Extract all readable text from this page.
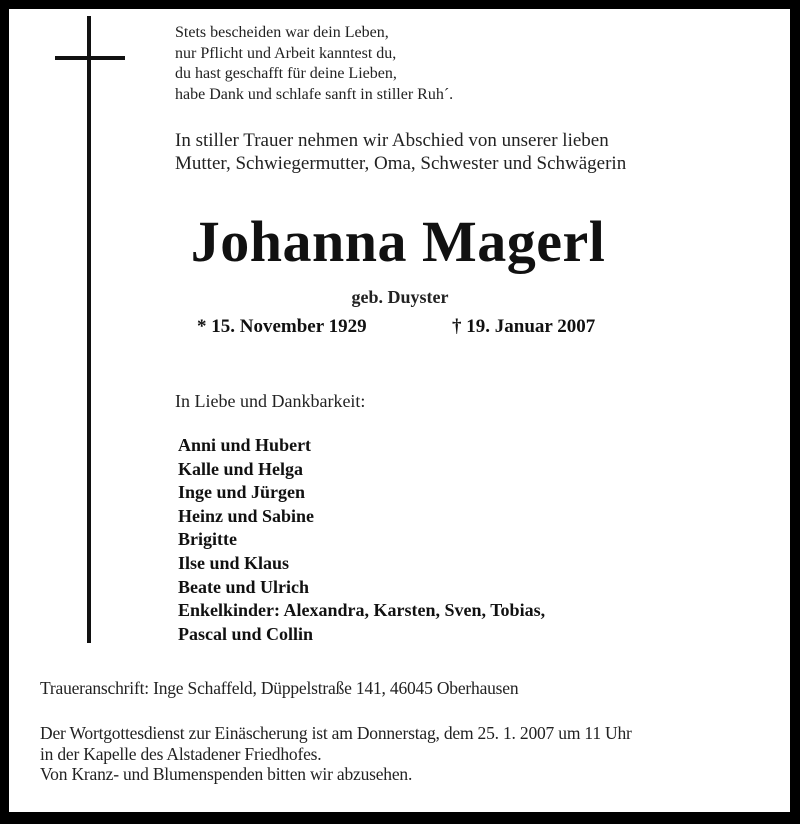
Stets bescheiden war dein Leben,
nur Pflicht und Arbeit kanntest du,
du hast geschafft für deine Lieben,
habe Dank und schlafe sanft in stiller Ruh´.
In stiller Trauer nehmen wir Abschied von unserer lieben
Mutter, Schwiegermutter, Oma, Schwester und Schwägerin
Johanna Magerl
geb. Duyster
* 15. November 1929	† 19. Januar 2007
In Liebe und Dankbarkeit:
Anni und Hubert
Kalle und Helga
Inge und Jürgen
Heinz und Sabine
Brigitte
Ilse und Klaus
Beate und Ulrich
Enkelkinder: Alexandra, Karsten, Sven, Tobias,
Pascal und Collin
Traueranschrift: Inge Schaffeld, Düppelstraße 141, 46045 Oberhausen
Der Wortgottesdienst zur Einäscherung ist am Donnerstag, dem 25. 1. 2007 um 11 Uhr
in der Kapelle des Alstadener Friedhofes.
Von Kranz- und Blumenspenden bitten wir abzusehen.
